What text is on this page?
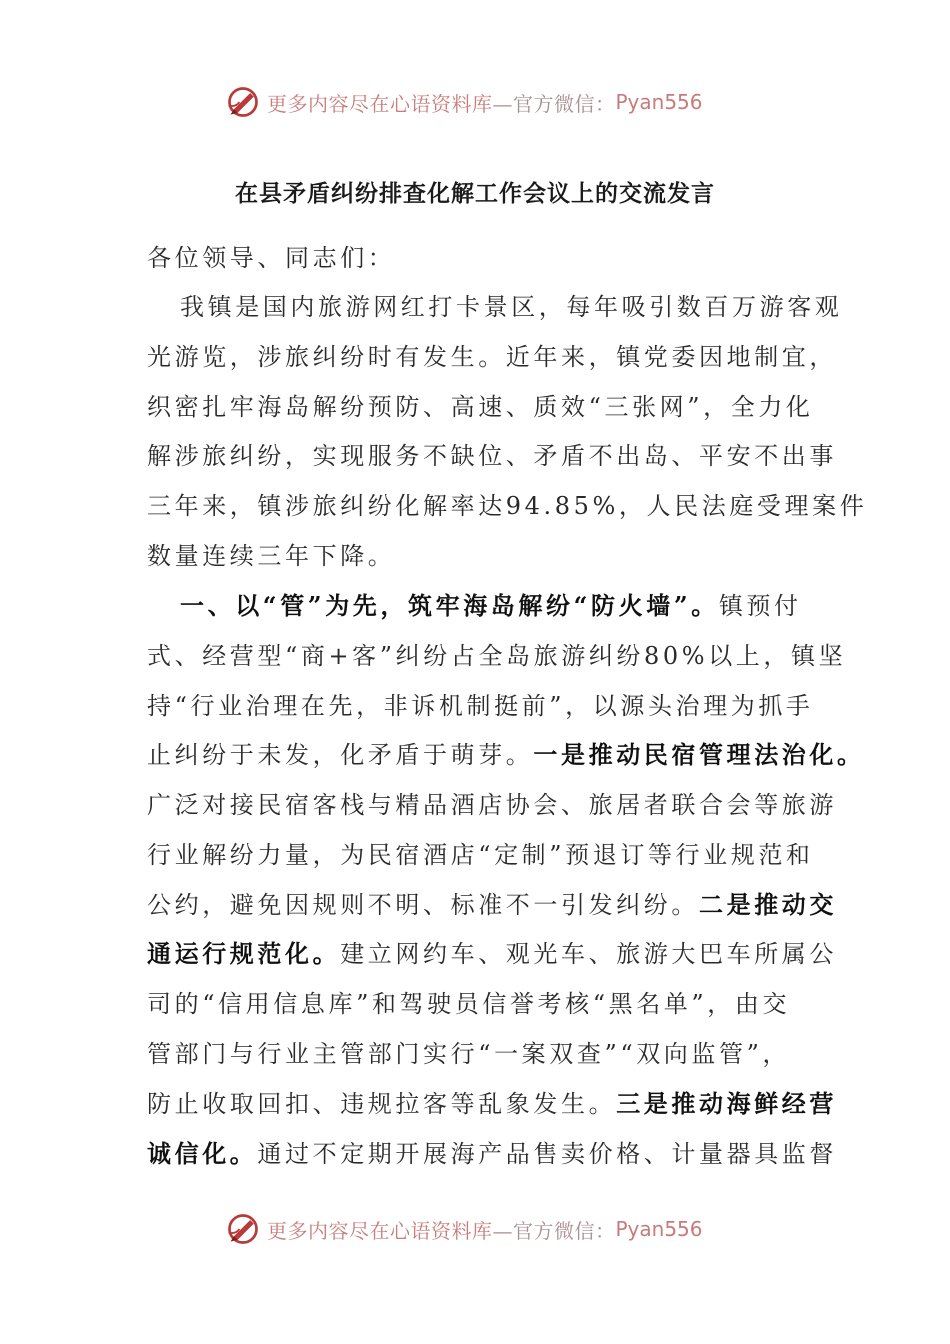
更多内容尽在心语资料库 —官方微信： Pyan556
在县矛盾纠纷排查化解工作会议上的交流发言
各位领导、同志们：
我镇是国内旅游网红打卡景区，每年吸引数百万游客观
光游览，涉旅纠纷时有发生。近年来，镇党委因地制宜，
织密扎牢海岛解纷预防、高速、质效“三张网”，全力化
解涉旅纠纷，实现服务不缺位、矛盾不出岛、平安不出事
三年来，镇涉旅纠纷化解率达94.85%，人民法庭受理案件
数量连续三年下降。
一、以“管”为先，筑牢海岛解纷“防火墙”。镇预付
式、经营型“商+客”纠纷占全岛旅游纠纷80%以上，镇坚
持“行业治理在先，非诉机制挺前”，以源头治理为抓手
止纠纷于未发，化矛盾于萌芽。一是推动民宿管理法治化。
广泛对接民宿客栈与精品酒店协会、旅居者联合会等旅游
行业解纷力量，为民宿酒店“定制”预退订等行业规范和
公约，避免因规则不明、标准不一引发纠纷。二是推动交
通运行规范化。建立网约车、观光车、旅游大巴车所属公
司的“信用信息库”和驾驶员信誉考核“黑名单”，由交
管部门与行业主管部门实行“一案双查”“双向监管”，
防止收取回扣、违规拉客等乱象发生。三是推动海鲜经营
诚信化。通过不定期开展海产品售卖价格、计量器具监督
更多内容尽在心语资料库 —官方微信： Pyan556
